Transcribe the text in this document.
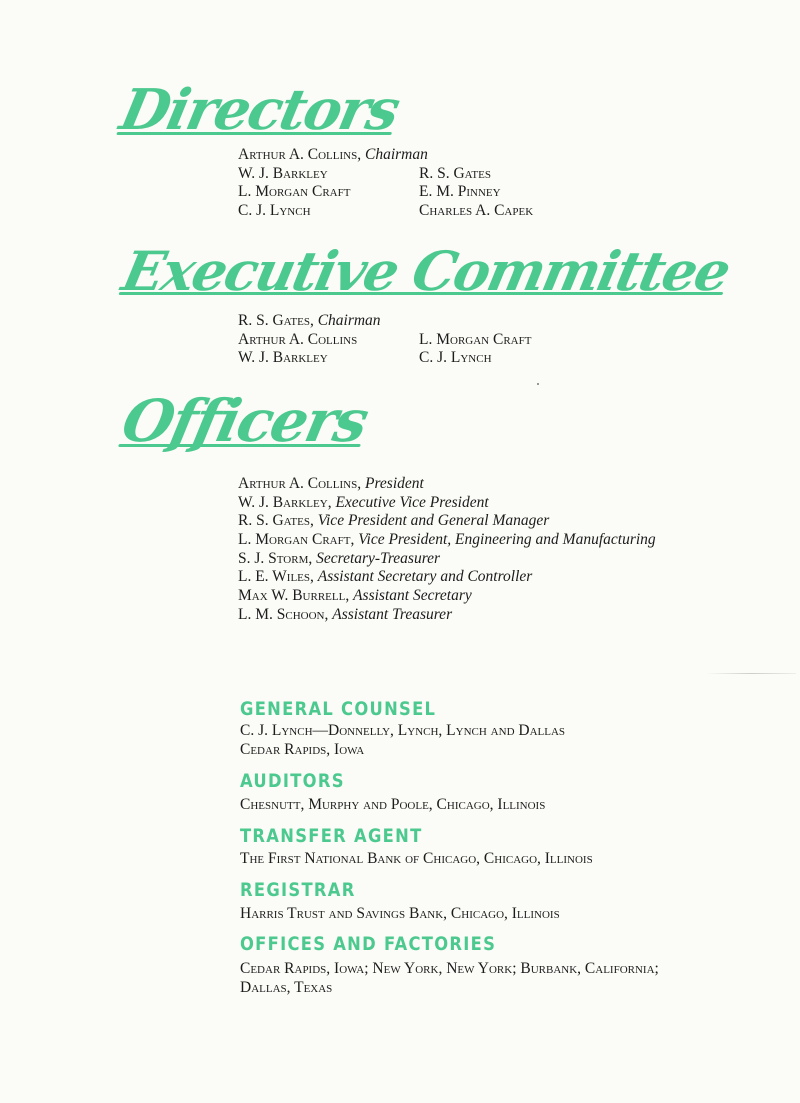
Directors
Arthur A. Collins, Chairman
W. J. Barkley	R. S. Gates
L. Morgan Craft	E. M. Pinney
C. J. Lynch	Charles A. Capek
Executive Committee
R. S. Gates, Chairman
Arthur A. Collins	L. Morgan Craft
W. J. Barkley	C. J. Lynch
Officers
Arthur A. Collins, President
W. J. Barkley, Executive Vice President
R. S. Gates, Vice President and General Manager
L. Morgan Craft, Vice President, Engineering and Manufacturing
S. J. Storm, Secretary-Treasurer
L. E. Wiles, Assistant Secretary and Controller
Max W. Burrell, Assistant Secretary
L. M. Schoon, Assistant Treasurer
GENERAL COUNSEL
C. J. Lynch—Donnelly, Lynch, Lynch and Dallas
Cedar Rapids, Iowa
AUDITORS
Chesnutt, Murphy and Poole, Chicago, Illinois
TRANSFER AGENT
The First National Bank of Chicago, Chicago, Illinois
REGISTRAR
Harris Trust and Savings Bank, Chicago, Illinois
OFFICES AND FACTORIES
Cedar Rapids, Iowa; New York, New York; Burbank, California;
Dallas, Texas
